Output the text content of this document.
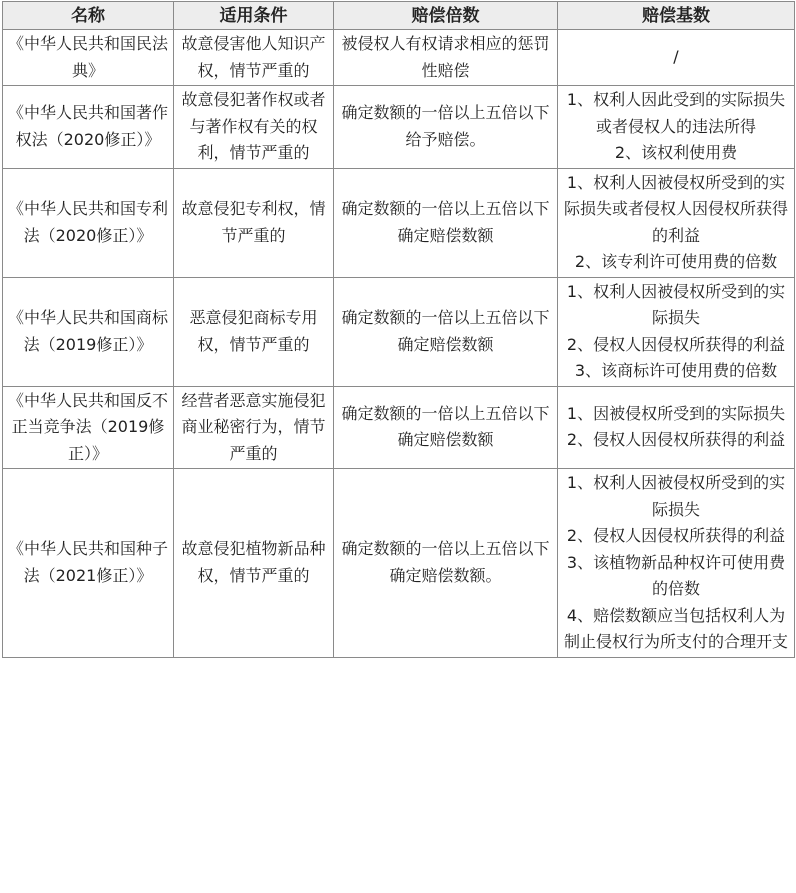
名称	适用条件	赔偿倍数	赔偿基数
《中华人民共和国民法典》	故意侵害他人知识产权，情节严重的	被侵权人有权请求相应的惩罚性赔偿	/

《中华人民共和国著作权法（2020修正）》	故意侵犯著作权或者与著作权有关的权利，情节严重的	确定数额的一倍以上五倍以下给予赔偿。	1、权利人因此受到的实际损失或者侵权人的违法所得
2、该权利使用费

《中华人民共和国专利法（2020修正）》	故意侵犯专利权，情节严重的	确定数额的一倍以上五倍以下确定赔偿数额	1、权利人因被侵权所受到的实际损失或者侵权人因侵权所获得的利益
2、该专利许可使用费的倍数

《中华人民共和国商标法（2019修正）》	恶意侵犯商标专用权，情节严重的	确定数额的一倍以上五倍以下确定赔偿数额	1、权利人因被侵权所受到的实际损失
2、侵权人因侵权所获得的利益
3、该商标许可使用费的倍数

《中华人民共和国反不正当竞争法（2019修正）》	经营者恶意实施侵犯商业秘密行为，情节严重的	确定数额的一倍以上五倍以下确定赔偿数额	1、因被侵权所受到的实际损失
2、侵权人因侵权所获得的利益

《中华人民共和国种子法（2021修正）》	故意侵犯植物新品种权，情节严重的	确定数额的一倍以上五倍以下确定赔偿数额。	1、权利人因被侵权所受到的实际损失
2、侵权人因侵权所获得的利益
3、该植物新品种权许可使用费的倍数
4、赔偿数额应当包括权利人为制止侵权行为所支付的合理开支
